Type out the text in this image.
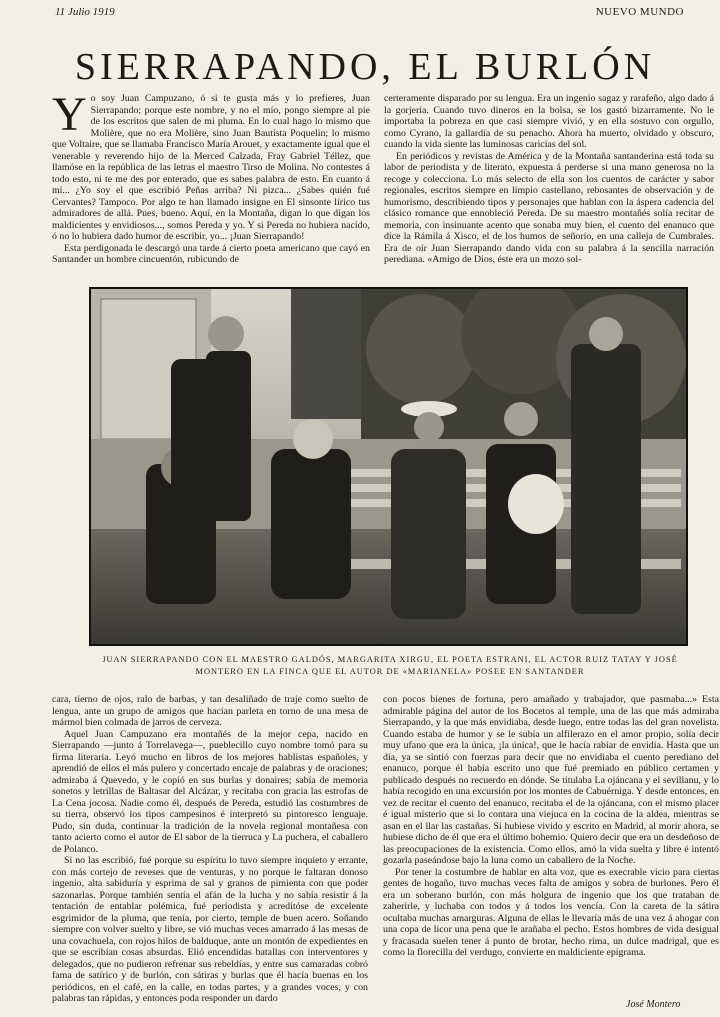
11 Julio 1919	NUEVO MUNDO
SIERRAPANDO, EL BURLÓN

Yo soy Juan Campuzano, ó si te gusta más y lo prefieres, Juan Sierrapando; porque este nombre, y no el mío, pongo siempre al pie de los escritos que salen de mi pluma. En lo cual hago lo mismo que Molière, que no era Molière, sino Juan Bautista Poquelin; lo mismo que Voltaire, que se llamaba Francisco María Arouet, y exactamente igual que el venerable y reverendo hijo de la Merced Calzada, Fray Gabriel Téllez, que llamóse en la república de las letras el maestro Tirso de Molina. No contestes á todo esto, ni te me des por enterado, que es sabes palabra de esto. En cuanto á mí... ¿Yo soy el que escribió Peñas arriba? Ni pizca... ¿Sabes quién fué Cervantes? Tampoco. Por algo te han llamado insigne en El sinsonte lírico tus admiradores de allá. Pues, bueno. Aquí, en la Montaña, digan lo que digan los maldicientes y envidiosos..., somos Pereda y yo. Y si Pereda no hubiera nacido, ó no lo hubiera dado humor de escribir, yo... ¡Juan Sierrapando!

Esta perdigonada le descargó una tarde á cierto poeta americano que cayó en Santander un hombre cincuentón, rubicundo de

certeramente disparado por su lengua. Era un ingenio sagaz y rarafeño, algo dado á la gorjería. Cuando tuvo dineros en la bolsa, se los gastó bizarramente. No le importaba la pobreza en que casi siempre vivió, y en ella sostuvo con orgullo, como Cyrano, la gallardía de su penacho. Ahora ha muerto, olvidado y obscuro, cuando la vida siente las luminosas caricias del sol.

En periódicos y revistas de América y de la Montaña santanderina está toda su labor de periodista y de literato, expuesta á perderse si una mano generosa no la recoge y colecciona. Lo más selecto de ella son los cuentos de carácter y sabor regionales, escritos siempre en limpio castellano, rebosantes de observación y de humorismo, describiendo tipos y personajes que hablan con la áspera cadencia del clásico romance que ennobleció Pereda. De su maestro montañés solía recitar de memoria, con insinuante acento que sonaba muy bien, el cuento del enanuco que dice la Rámila á Xisco, el de los humos de señorío, en una calleja de Cumbrales. Era de oír Juan Sierrapando dando vida con su palabra á la sencilla narración perediana. «Amigo de Dios, éste era un mozo sol-

JUAN SIERRAPANDO CON EL MAESTRO GALDÓS, MARGARITA XIRGU, EL POETA ESTRANI, EL ACTOR RUIZ TATAY Y JOSÉ MONTERO EN LA FINCA QUE EL AUTOR DE «MARIANELA» POSEE EN SANTANDER

cara, tierno de ojos, ralo de barbas, y tan desaliñado de traje como suelto de lengua, ante un grupo de amigos que hacían parleta en torno de una mesa de mármol bien colmada de jarros de cerveza.

Aquel Juan Campuzano era montañés de la mejor cepa, nacido en Sierrapando —junto á Torrelavega—, pueblecillo cuyo nombre tomó para su firma literaria. Leyó mucho en libros de los mejores hablistas españoles, y aprendió de ellos el más pulero y concertado encaje de palabras y de oraciones; admiraba á Quevedo, y le copió en sus burlas y donaires; sabía de memoria sonetos y letrillas de Baltasar del Alcázar, y recitaba con gracia las estrofas de La Cena jocosa. Nadie como él, después de Pereda, estudió las costumbres de su tierra, observó los tipos campesinos é interpretó su pintoresco lenguaje. Pudo, sin duda, continuar la tradición de la novela regional montañesa con tanto acierto como el autor de El sabor de la tierruca y La puchera, el caballero de Polanco.

Si no las escribió, fué porque su espíritu lo tuvo siempre inquieto y errante, con más cortejo de reveses que de venturas, y no porque le faltaran donoso ingenio, alta sabiduría y esprima de sal y granos de pimienta con que poder sazonarlas. Porque también sentía el afán de la lucha y no sabía resistir á la tentación de entablar polémica, fué periodista y acreditóse de excelente esgrimidor de la pluma, que tenía, por cierto, temple de buen acero. Soñando siempre con volver suelto y libre, se vió muchas veces amarrado á las mesas de una covachuela, con rojos hilos de balduque, ante un montón de expedientes en que se escribían cosas absurdas. Elió encendidas batallas con interventores y delegados, que no pudieron refrenar sus rebeldías, y entre sus camaradas cobró fama de satírico y de burlón, con sátiras y burlas que él hacía buenas en los periódicos, en el café, en la calle, en todas partes, y a grandes voces, y con palabras tan rápidas, y entonces poda responder un dardo

con pocos bienes de fortuna, pero amañado y trabajador, que pasmaba...» Esta admirable página del autor de los Bocetos al temple, una de las que más admiraba Sierrapando, y la que más envidiaba, desde luego, entre todas las del gran novelista. Cuando estaba de humor y se le subía un alfilerazo en el amor propio, solía decir muy ufano que era la única, ¡la única!, que le hacía rabiar de envidia. Hasta que un día, ya se sintió con fuerzas para decir que no envidiaba el cuento perediano del enanuco, porque él había escrito uno que fué premiado en público certamen y publicado después no recuerdo en dónde. Se titulaba La ojáncana y el sevillanu, y lo había recogido en una excursión por los montes de Cabuérniga. Y desde entonces, en vez de recitar el cuento del enanuco, recitaba el de la ojáncana, con el mismo placer é igual misterio que si lo contara una viejuca en la cocina de la aldea, mientras se asan en el llar las castañas. Si hubiese vivido y escrito en Madrid, al morir ahora, se hubiese dicho de él que era el último bohemio. Quiero decir que era un desdeñoso de las preocupaciones de la existencia. Como ellos, amó la vida suelta y libre é intentó gozarla paseándose bajo la luna como un caballero de la Noche.

Por tener la costumbre de hablar en alta voz, que es execrable vicio para ciertas gentes de hogaño, tuvo muchas veces falta de amigos y sobra de burlones. Pero él era un soberano burlón, con más holgura de ingenio que los que trataban de zaherirle, y luchaba con todos y á todos los vencía. Con la careta de la sátira ocultaba muchas amarguras. Alguna de ellas le llevaría más de una vez á ahogar con una copa de licor una pena que le arañaba el pecho. Estos hombres de vida desigual y fracasada suelen tener á punto de brotar, hecho rima, un dulce madrigal, que es como la florecilla del verdugo, convierte en maldiciente epigrama.

José Montero
